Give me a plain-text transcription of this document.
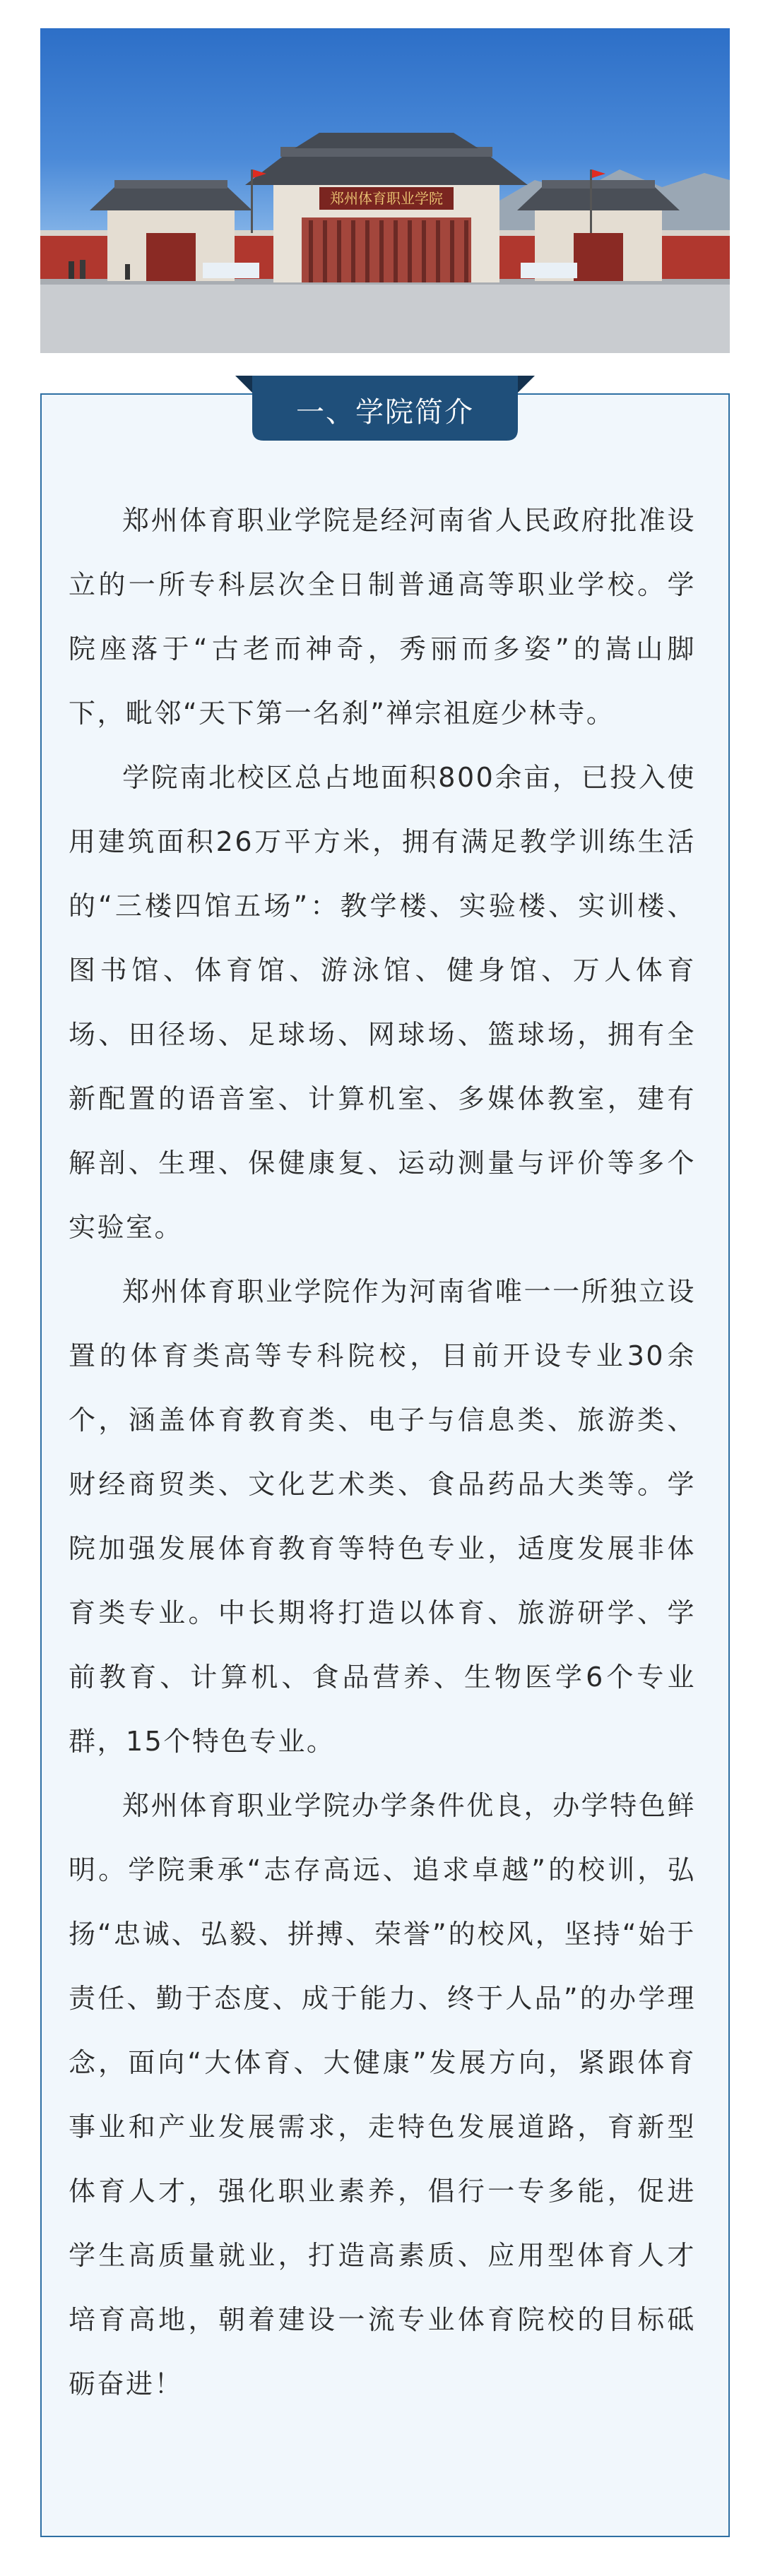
郑州体育职业学院
一、学院简介

郑州体育职业学院是经河南省人民政府批准设立的一所专科层次全日制普通高等职业学校。学院座落于“古老而神奇，秀丽而多姿”的嵩山脚下，毗邻“天下第一名刹”禅宗祖庭少林寺。

学院南北校区总占地面积800余亩，已投入使用建筑面积26万平方米，拥有满足教学训练生活的“三楼四馆五场”：教学楼、实验楼、实训楼、图书馆、体育馆、游泳馆、健身馆、万人体育场、田径场、足球场、网球场、篮球场，拥有全新配置的语音室、计算机室、多媒体教室，建有解剖、生理、保健康复、运动测量与评价等多个实验室。

郑州体育职业学院作为河南省唯一一所独立设置的体育类高等专科院校，目前开设专业30余个，涵盖体育教育类、电子与信息类、旅游类、财经商贸类、文化艺术类、食品药品大类等。学院加强发展体育教育等特色专业，适度发展非体育类专业。中长期将打造以体育、旅游研学、学前教育、计算机、食品营养、生物医学6个专业群，15个特色专业。

郑州体育职业学院办学条件优良，办学特色鲜明。学院秉承“志存高远、追求卓越”的校训，弘扬“忠诚、弘毅、拼搏、荣誉”的校风，坚持“始于责任、勤于态度、成于能力、终于人品”的办学理念，面向“大体育、大健康”发展方向，紧跟体育事业和产业发展需求，走特色发展道路，育新型体育人才，强化职业素养，倡行一专多能，促进学生高质量就业，打造高素质、应用型体育人才培育高地，朝着建设一流专业体育院校的目标砥砺奋进！
